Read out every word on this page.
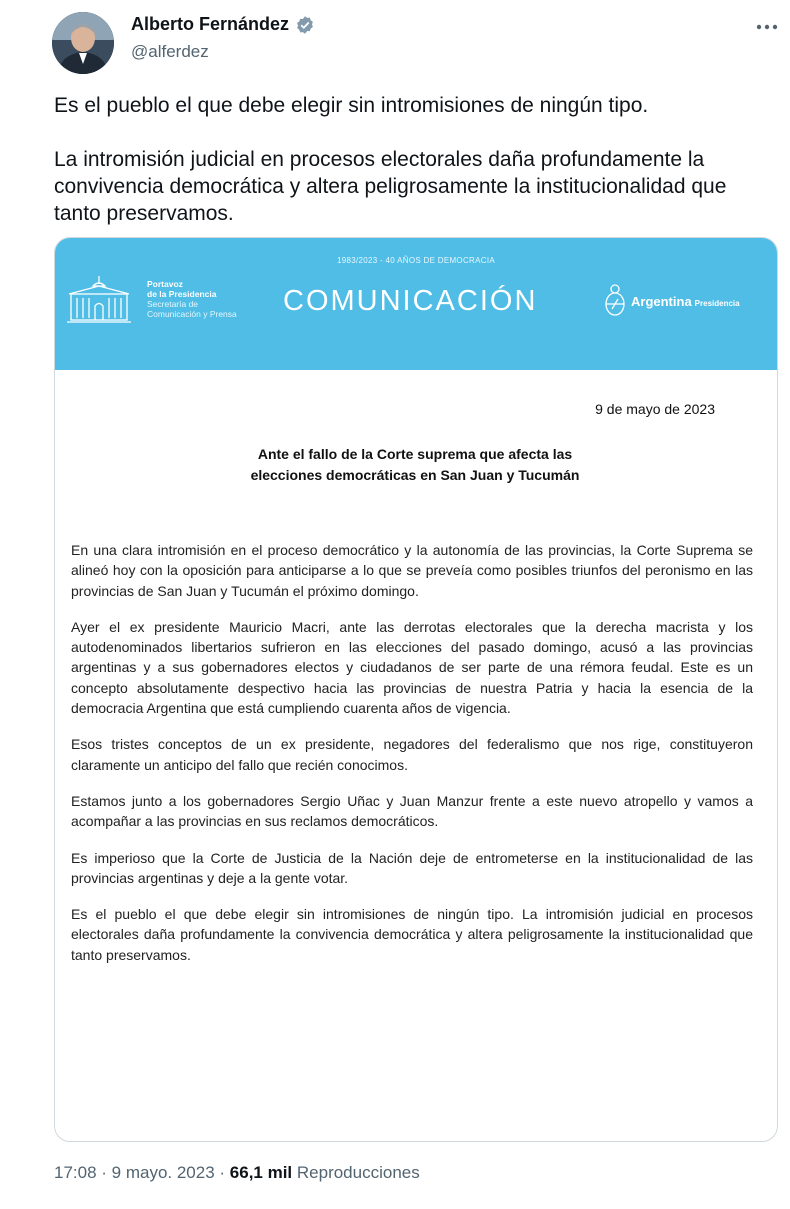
Alberto Fernández
@alferdez

Es el pueblo el que debe elegir sin intromisiones de ningún tipo.

La intromisión judicial en procesos electorales daña profundamente la convivencia democrática y altera peligrosamente la institucionalidad que tanto preservamos.

1983/2023 - 40 AÑOS DE DEMOCRACIA
Portavoz
de la Presidencia
Secretaría de
Comunicación y Prensa COMUNICACIÓN	Argentina Presidencia
9 de mayo de 2023
Ante el fallo de la Corte suprema que afecta las
elecciones democráticas en San Juan y Tucumán

En una clara intromisión en el proceso democrático y la autonomía de las provincias, la Corte Suprema se alineó hoy con la oposición para anticiparse a lo que se preveía como posibles triunfos del peronismo en las provincias de San Juan y Tucumán el próximo domingo.

Ayer el ex presidente Mauricio Macri, ante las derrotas electorales que la derecha macrista y los autodenominados libertarios sufrieron en las elecciones del pasado domingo, acusó a las provincias argentinas y a sus gobernadores electos y ciudadanos de ser parte de una rémora feudal. Este es un concepto absolutamente despectivo hacia las provincias de nuestra Patria y hacia la esencia de la democracia Argentina que está cumpliendo cuarenta años de vigencia.

Esos tristes conceptos de un ex presidente, negadores del federalismo que nos rige, constituyeron claramente un anticipo del fallo que recién conocimos.

Estamos junto a los gobernadores Sergio Uñac y Juan Manzur frente a este nuevo atropello y vamos a acompañar a las provincias en sus reclamos democráticos.

Es imperioso que la Corte de Justicia de la Nación deje de entrometerse en la institucionalidad de las provincias argentinas y deje a la gente votar.

Es el pueblo el que debe elegir sin intromisiones de ningún tipo. La intromisión judicial en procesos electorales daña profundamente la convivencia democrática y altera peligrosamente la institucionalidad que tanto preservamos.

17:08 · 9 mayo. 2023 · 66,1 mil Reproducciones
